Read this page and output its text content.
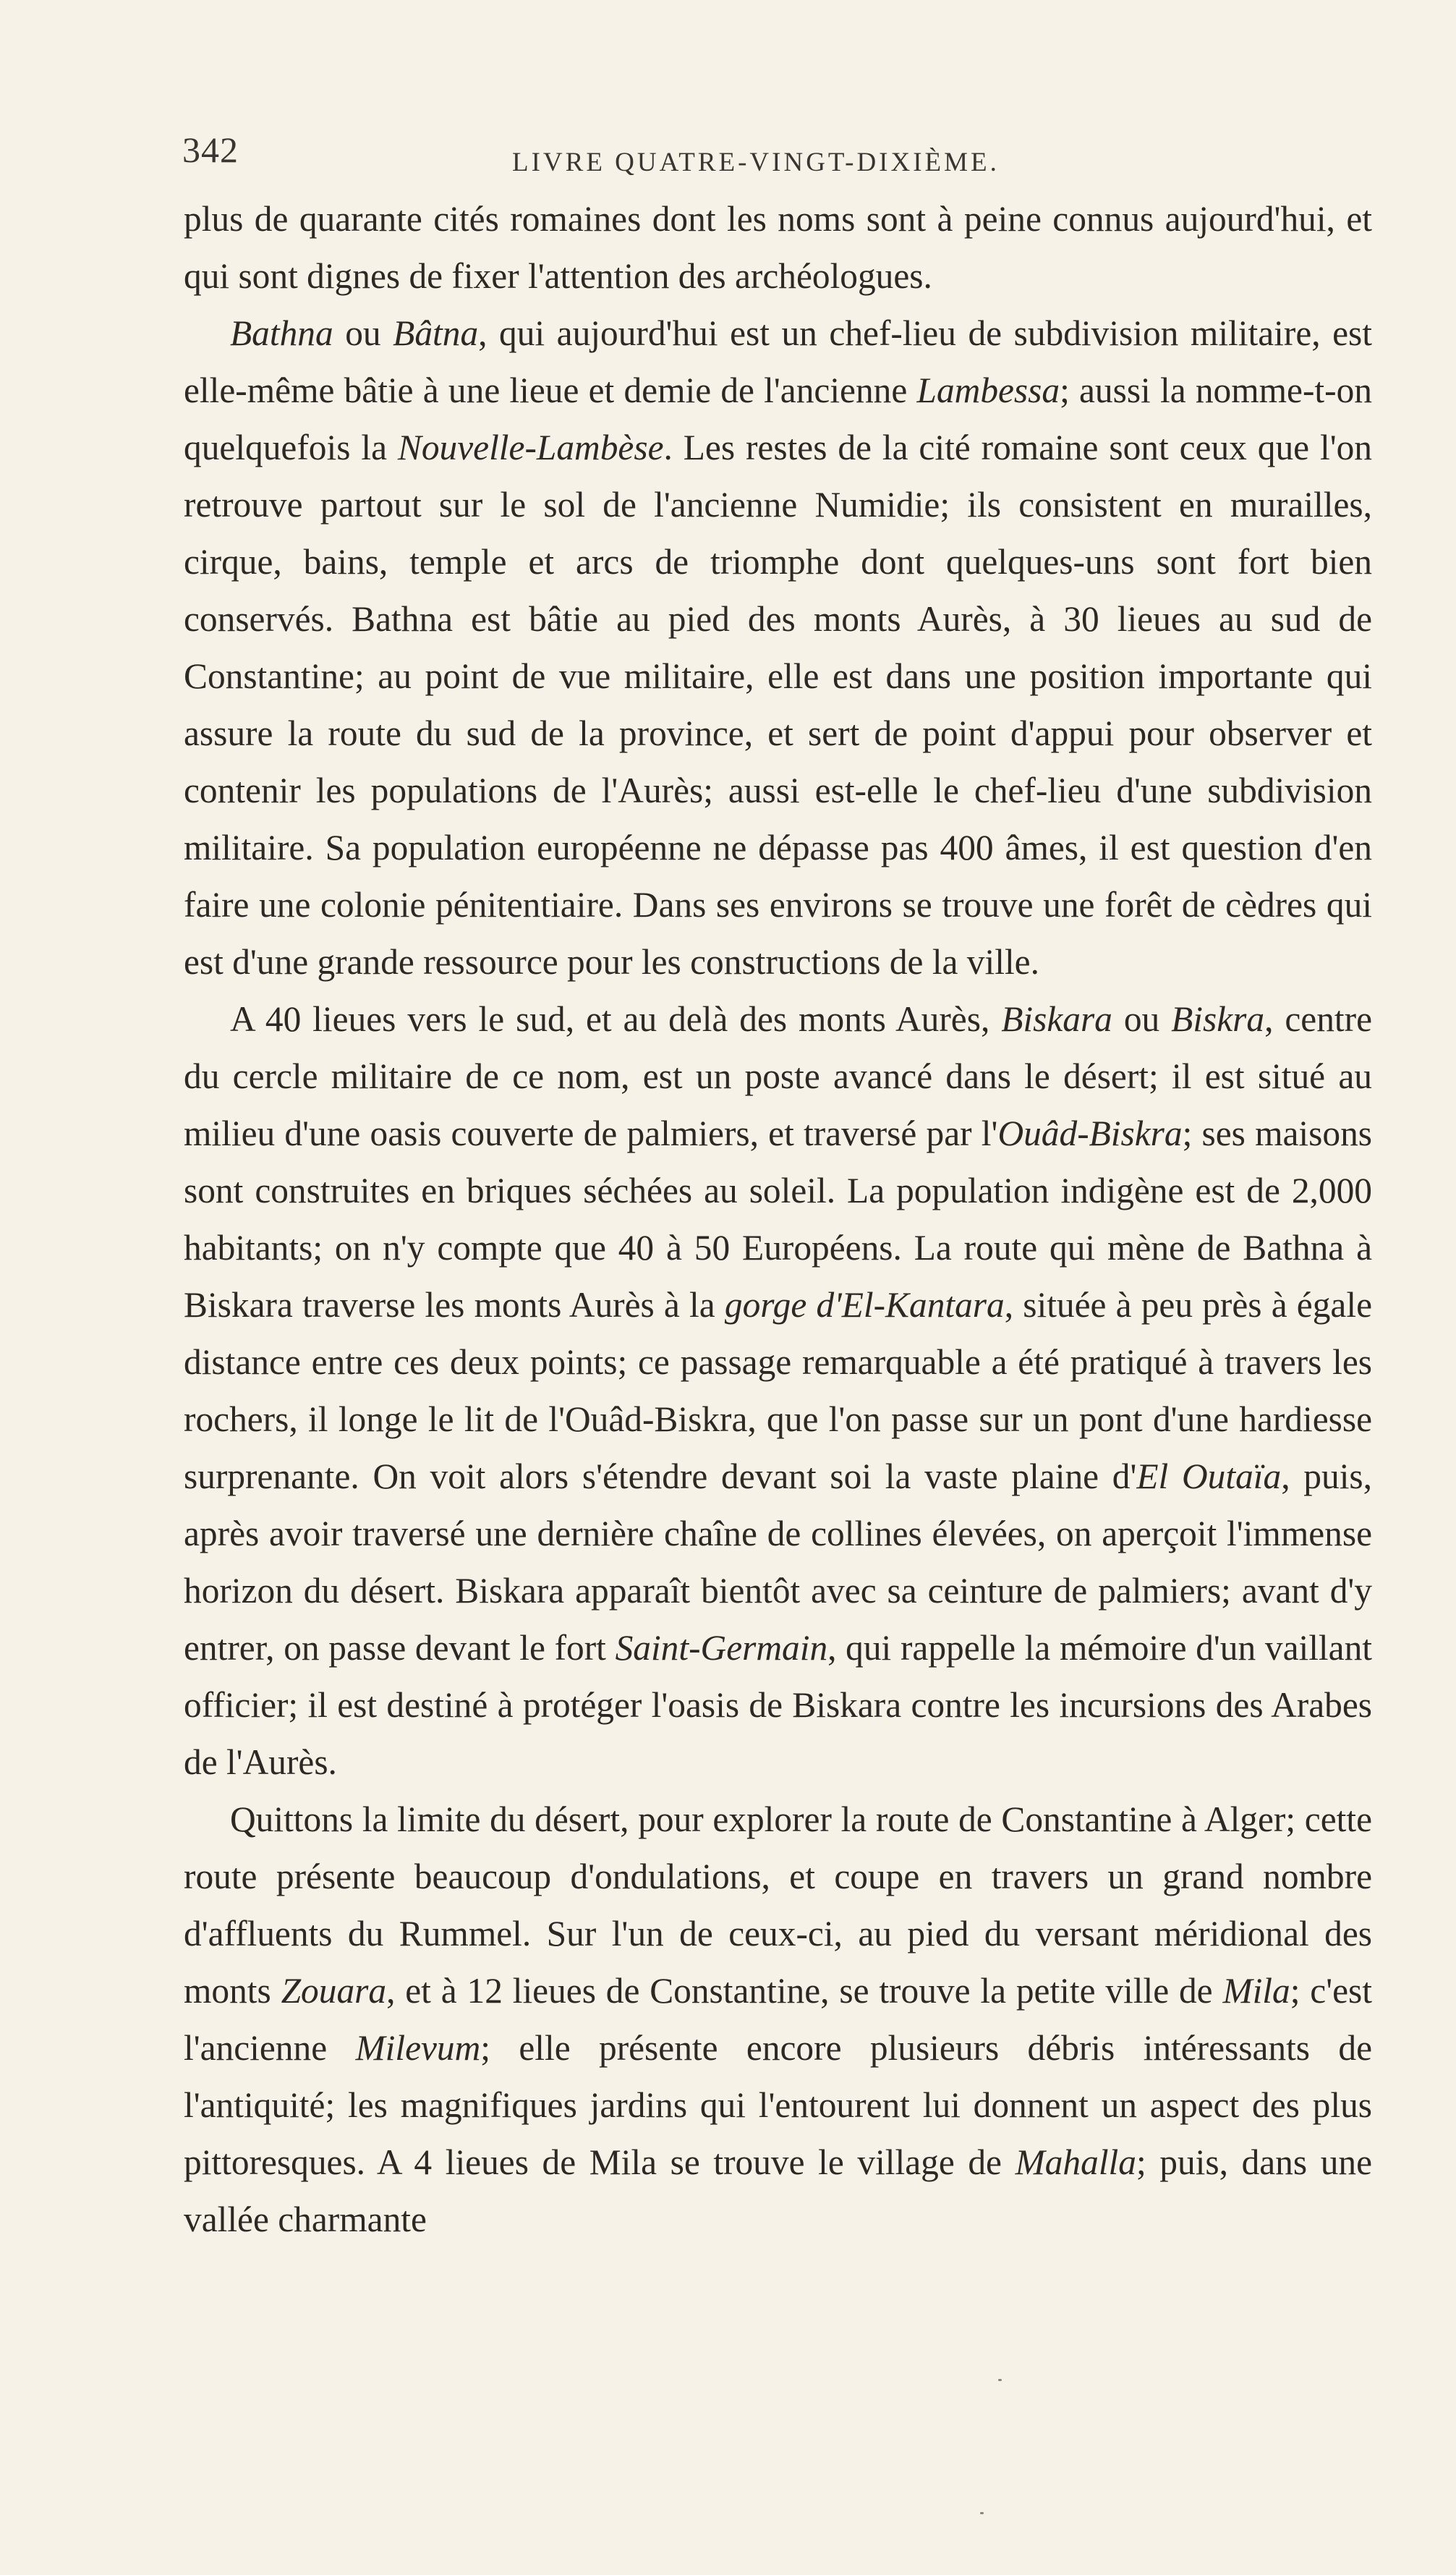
342	LIVRE QUATRE-VINGT-DIXIÈME.

plus de quarante cités romaines dont les noms sont à peine connus aujourd'hui, et qui sont dignes de fixer l'attention des archéologues.

Bathna ou Bâtna, qui aujourd'hui est un chef-lieu de subdivision militaire, est elle-même bâtie à une lieue et demie de l'ancienne Lambessa; aussi la nomme-t-on quelquefois la Nouvelle-Lambèse. Les restes de la cité romaine sont ceux que l'on retrouve partout sur le sol de l'ancienne Numidie; ils consistent en murailles, cirque, bains, temple et arcs de triomphe dont quelques-uns sont fort bien conservés. Bathna est bâtie au pied des monts Aurès, à 30 lieues au sud de Constantine; au point de vue militaire, elle est dans une position importante qui assure la route du sud de la province, et sert de point d'appui pour observer et contenir les populations de l'Aurès; aussi est-elle le chef-lieu d'une subdivision militaire. Sa population européenne ne dépasse pas 400 âmes, il est question d'en faire une colonie pénitentiaire. Dans ses environs se trouve une forêt de cèdres qui est d'une grande ressource pour les constructions de la ville.

A 40 lieues vers le sud, et au delà des monts Aurès, Biskara ou Biskra, centre du cercle militaire de ce nom, est un poste avancé dans le désert; il est situé au milieu d'une oasis couverte de palmiers, et traversé par l'Ouâd-Biskra; ses maisons sont construites en briques séchées au soleil. La population indigène est de 2,000 habitants; on n'y compte que 40 à 50 Européens. La route qui mène de Bathna à Biskara traverse les monts Aurès à la gorge d'El-Kantara, située à peu près à égale distance entre ces deux points; ce passage remarquable a été pratiqué à travers les rochers, il longe le lit de l'Ouâd-Biskra, que l'on passe sur un pont d'une hardiesse surprenante. On voit alors s'étendre devant soi la vaste plaine d'El Outaïa, puis, après avoir traversé une dernière chaîne de collines élevées, on aperçoit l'immense horizon du désert. Biskara apparaît bientôt avec sa ceinture de palmiers; avant d'y entrer, on passe devant le fort Saint-Germain, qui rappelle la mémoire d'un vaillant officier; il est destiné à protéger l'oasis de Biskara contre les incursions des Arabes de l'Aurès.

Quittons la limite du désert, pour explorer la route de Constantine à Alger; cette route présente beaucoup d'ondulations, et coupe en travers un grand nombre d'affluents du Rummel. Sur l'un de ceux-ci, au pied du versant méridional des monts Zouara, et à 12 lieues de Constantine, se trouve la petite ville de Mila; c'est l'ancienne Milevum; elle présente encore plusieurs débris intéressants de l'antiquité; les magnifiques jardins qui l'entourent lui donnent un aspect des plus pittoresques. A 4 lieues de Mila se trouve le village de Mahalla; puis, dans une vallée charmante
